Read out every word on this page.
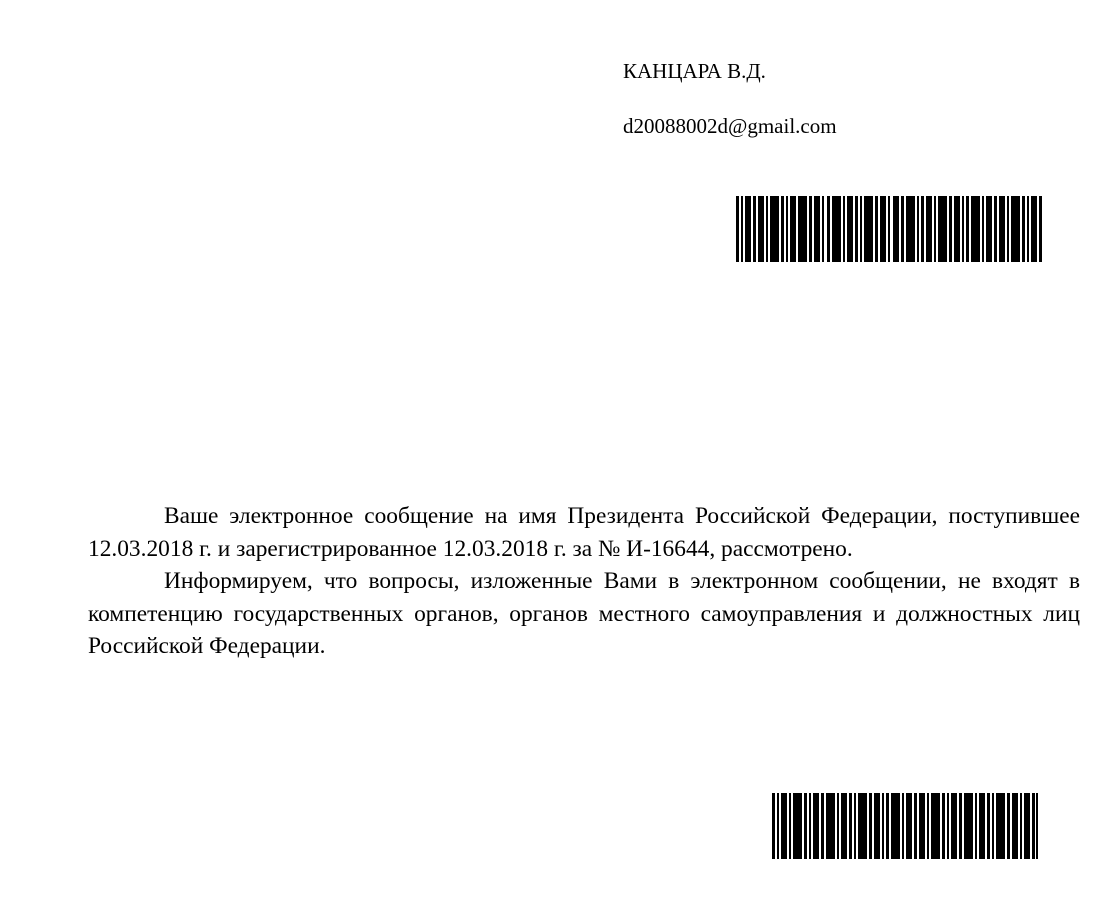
КАНЦАРА В.Д.
d20088002d@gmail.com

Ваше электронное сообщение на имя Президента Российской Федерации, поступившее 12.03.2018 г. и зарегистрированное 12.03.2018 г. за № И-16644, рассмотрено.

Информируем, что вопросы, изложенные Вами в электронном сообщении, не входят в компетенцию государственных органов, органов местного самоуправления и должностных лиц Российской Федерации.
